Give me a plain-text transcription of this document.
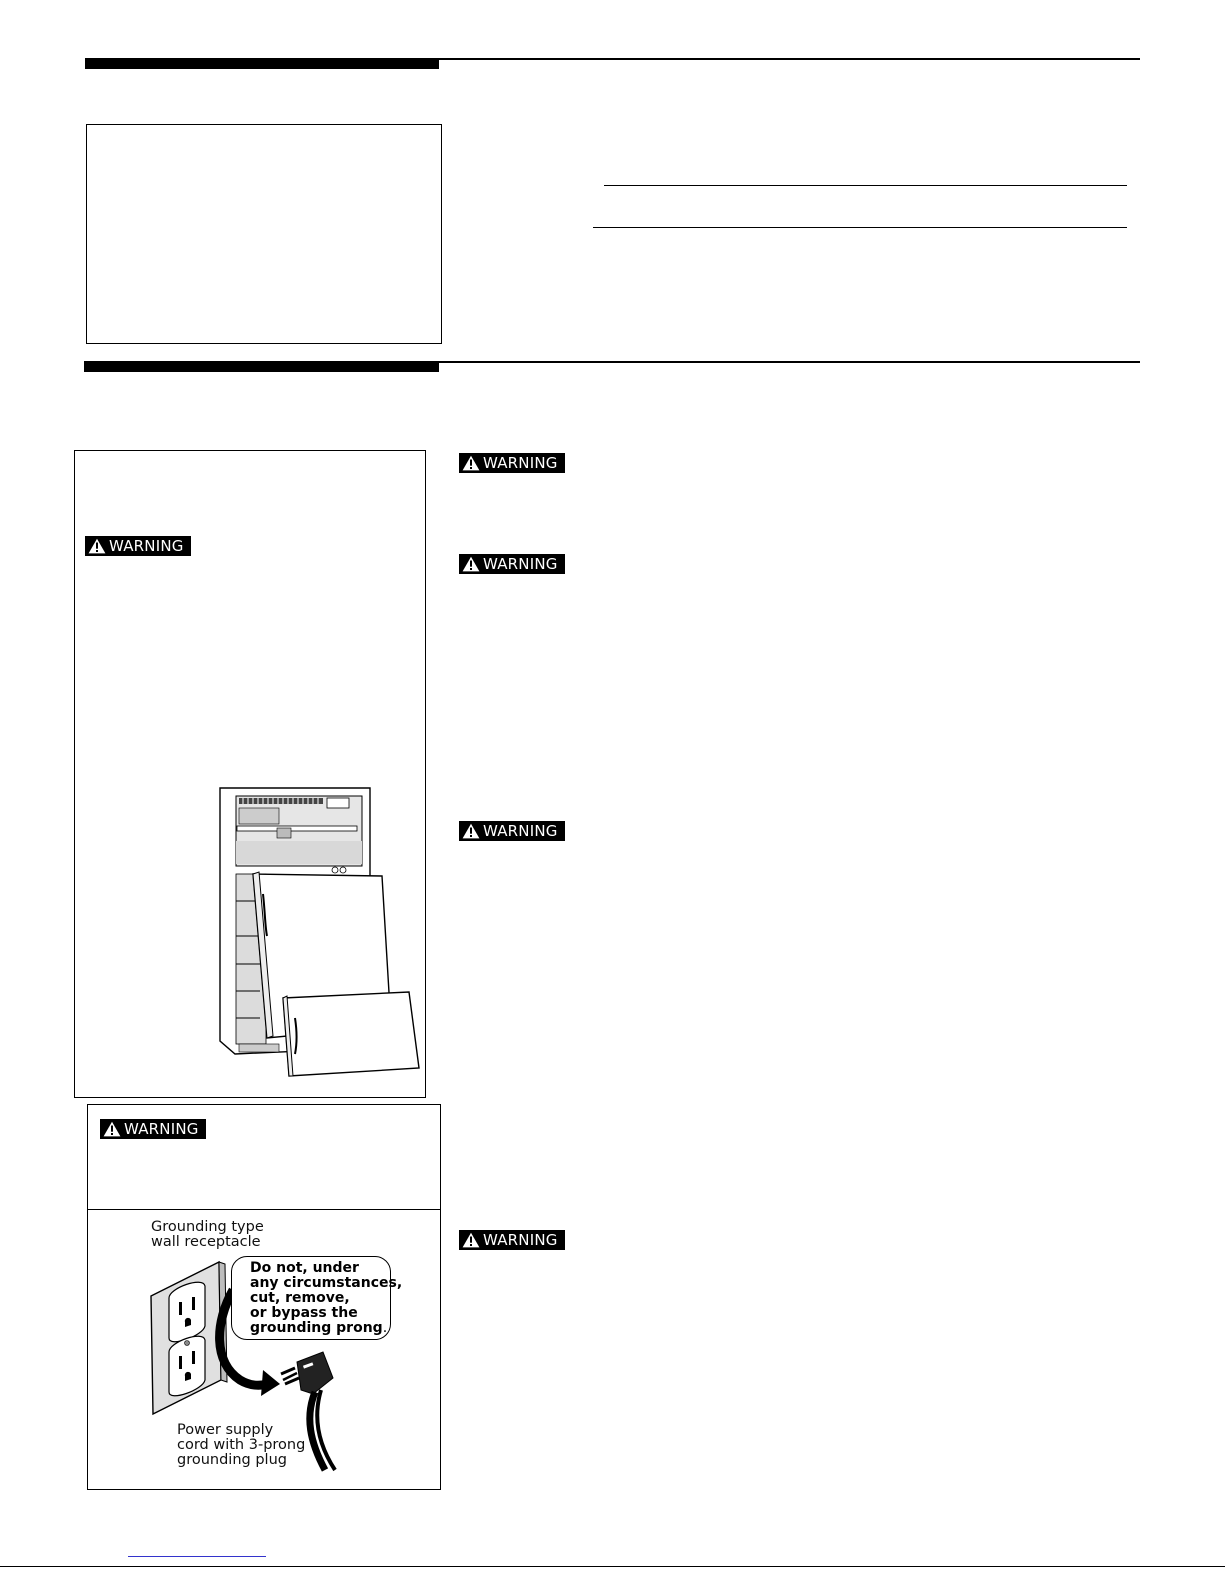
WARNING
WARNING
Grounding type
wall receptacle
Do not, under
any circumstances,
cut, remove,
or bypass the
grounding prong.
Power supply
cord with 3-prong
grounding plug
WARNING
WARNING
WARNING
WARNING
